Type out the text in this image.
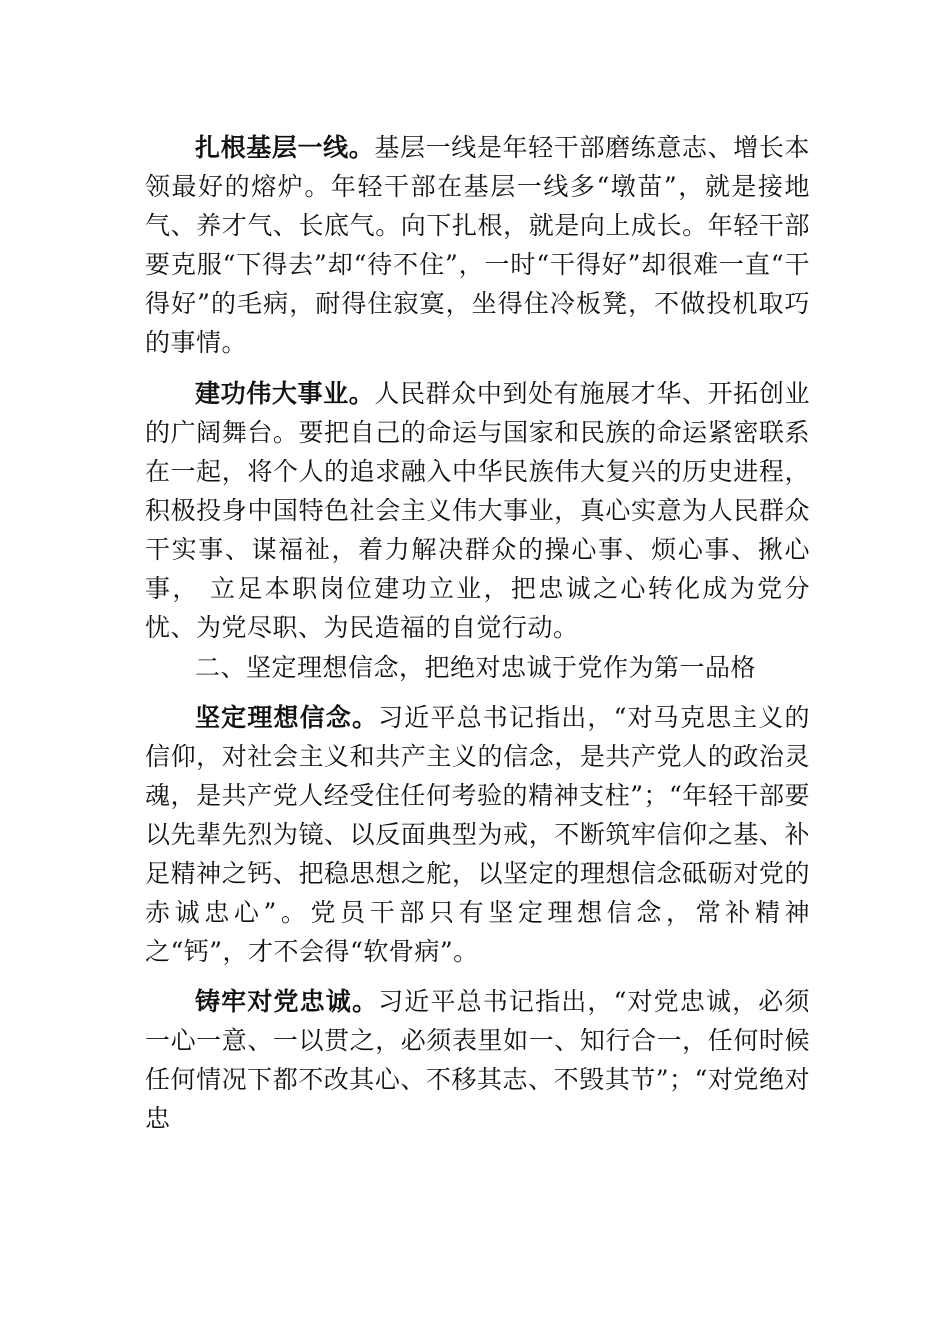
扎根基层一线。基层一线是年轻干部磨练意志、增长本领最好的熔炉。年轻干部在基层一线多“墩苗”，就是接地气、养才气、长底气。向下扎根，就是向上成长。年轻干部要克服“下得去”却“待不住”，一时“干得好”却很难一直“干得好”的毛病，耐得住寂寞，坐得住冷板凳，不做投机取巧的事情。

建功伟大事业。人民群众中到处有施展才华、开拓创业的广阔舞台。要把自己的命运与国家和民族的命运紧密联系在一起，将个人的追求融入中华民族伟大复兴的历史进程， 积极投身中国特色社会主义伟大事业，真心实意为人民群众干实事、谋福祉，着力解决群众的操心事、烦心事、揪心事， 立足本职岗位建功立业，把忠诚之心转化成为党分忧、为党尽职、为民造福的自觉行动。

二、坚定理想信念，把绝对忠诚于党作为第一品格

坚定理想信念。习近平总书记指出，“对马克思主义的信仰，对社会主义和共产主义的信念，是共产党人的政治灵魂，是共产党人经受住任何考验的精神支柱”；“年轻干部要以先辈先烈为镜、以反面典型为戒，不断筑牢信仰之基、补足精神之钙、把稳思想之舵，以坚定的理想信念砥砺对党的赤诚忠心”。党员干部只有坚定理想信念，常补精神之“钙”，才不会得“软骨病”。

铸牢对党忠诚。习近平总书记指出，“对党忠诚，必须一心一意、一以贯之，必须表里如一、知行合一，任何时候任何情况下都不改其心、不移其志、不毁其节”；“对党绝对忠
